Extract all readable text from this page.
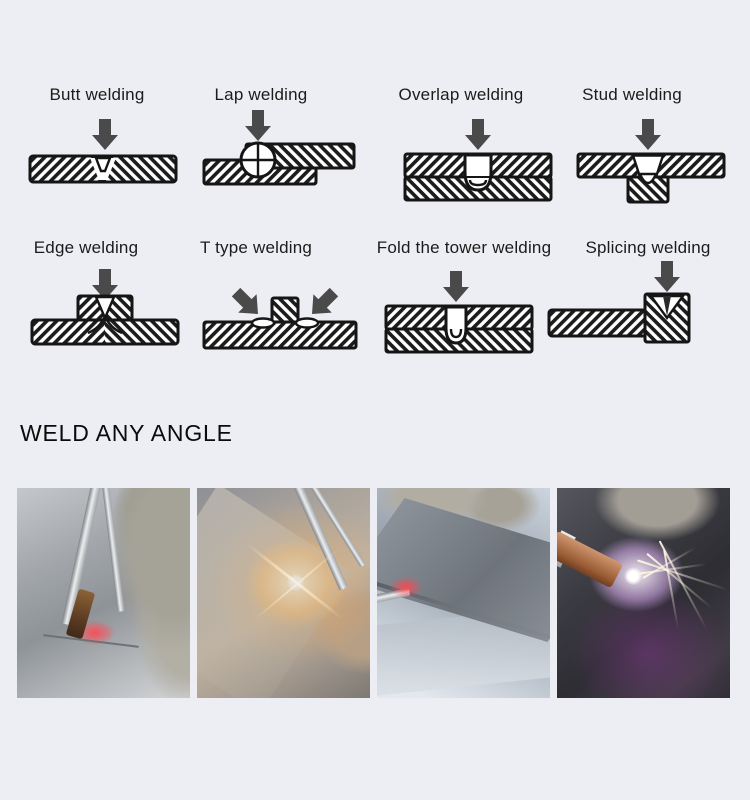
Butt welding	Lap welding	Overlap welding	Stud welding
Edge welding	T type welding	Fold the tower welding	Splicing welding
WELD ANY ANGLE
